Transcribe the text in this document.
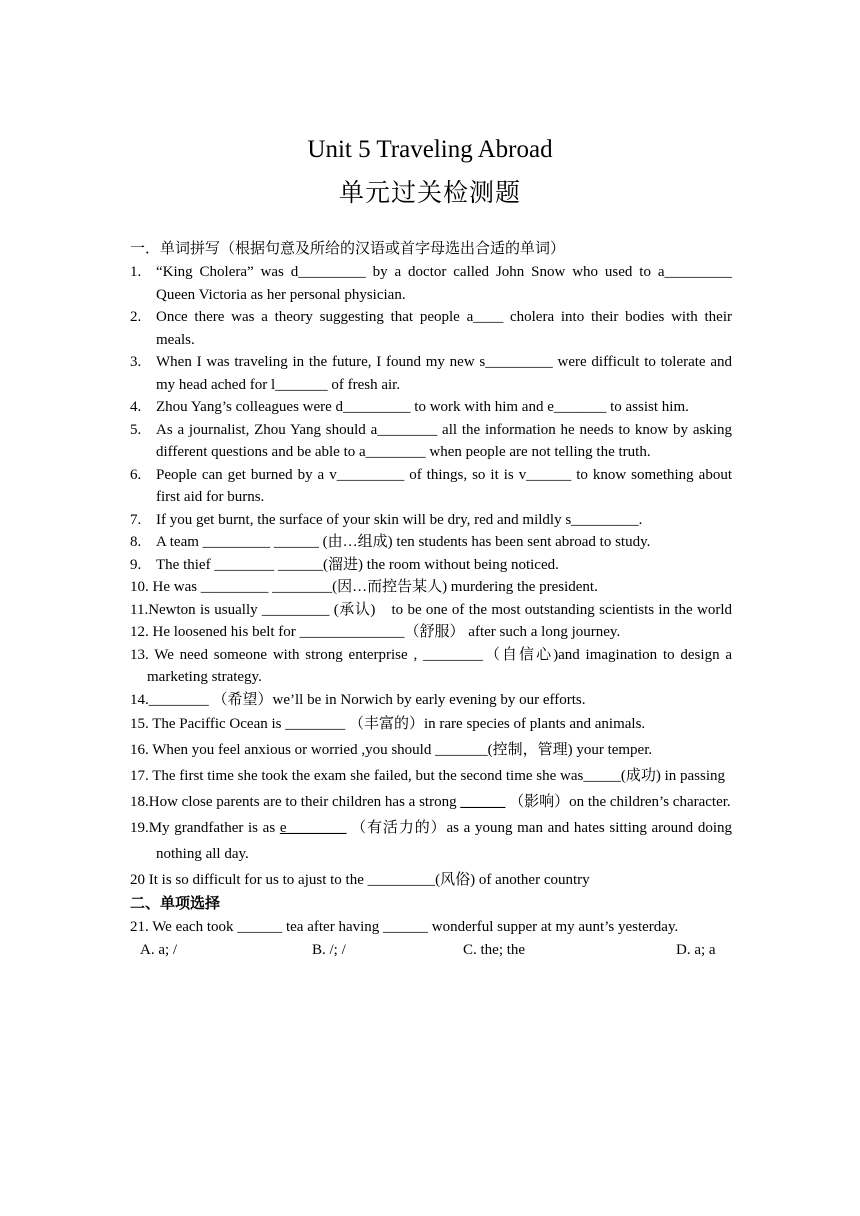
Unit 5 Traveling Abroad
单元过关检测题
一．单词拼写（根据句意及所给的汉语或首字母选出合适的单词）
1. “King Cholera” was d_________ by a doctor called John Snow who used to a_________ Queen Victoria as her personal physician.
2. Once there was a theory suggesting that people a____ cholera into their bodies with their meals.
3. When I was traveling in the future, I found my new s_________ were difficult to tolerate and my head ached for l_______ of fresh air.
4. Zhou Yang’s colleagues were d_________ to work with him and e_______ to assist him.
5. As a journalist, Zhou Yang should a________ all the information he needs to know by asking different questions and be able to a________ when people are not telling the truth.
6. People can get burned by a v_________ of things, so it is v______ to know something about first aid for burns.
7. If you get burnt, the surface of your skin will be dry, red and mildly s_________.
8. A team _________ ______ (由…组成) ten students has been sent abroad to study.
9. The thief ________ ______(溜进) the room without being noticed.
10. He was _________ ________(因…而控告某人) murdering the president.
11.Newton is usually _________ (承认)　to be one of the most outstanding scientists in the world 12. He loosened his belt for ______________（舒服） after such a long journey.
13. We need someone with strong enterprise , ________（自信心)and imagination to design a marketing strategy.
14.________ （希望）we’ll be in Norwich by early evening by our efforts.
15. The Paciffic Ocean is ________ （丰富的）in rare species of plants and animals.
16. When you feel anxious or worried ,you should _______(控制，管理) your temper.
17. The first time she took the exam she failed, but the second time she was_____(成功) in passing
18.How close parents are to their children has a strong ______ （影响）on the children’s character.
19.My grandfather is as e________ （有活力的）as a young man and hates sitting around doing nothing all day.
20 It is so difficult for us to ajust to the _________(风俗) of another country
二、单项选择
21. We each took ______ tea after having ______ wonderful supper at my aunt’s yesterday.
A. a; /	B. /; /	C. the; the	D. a; a
